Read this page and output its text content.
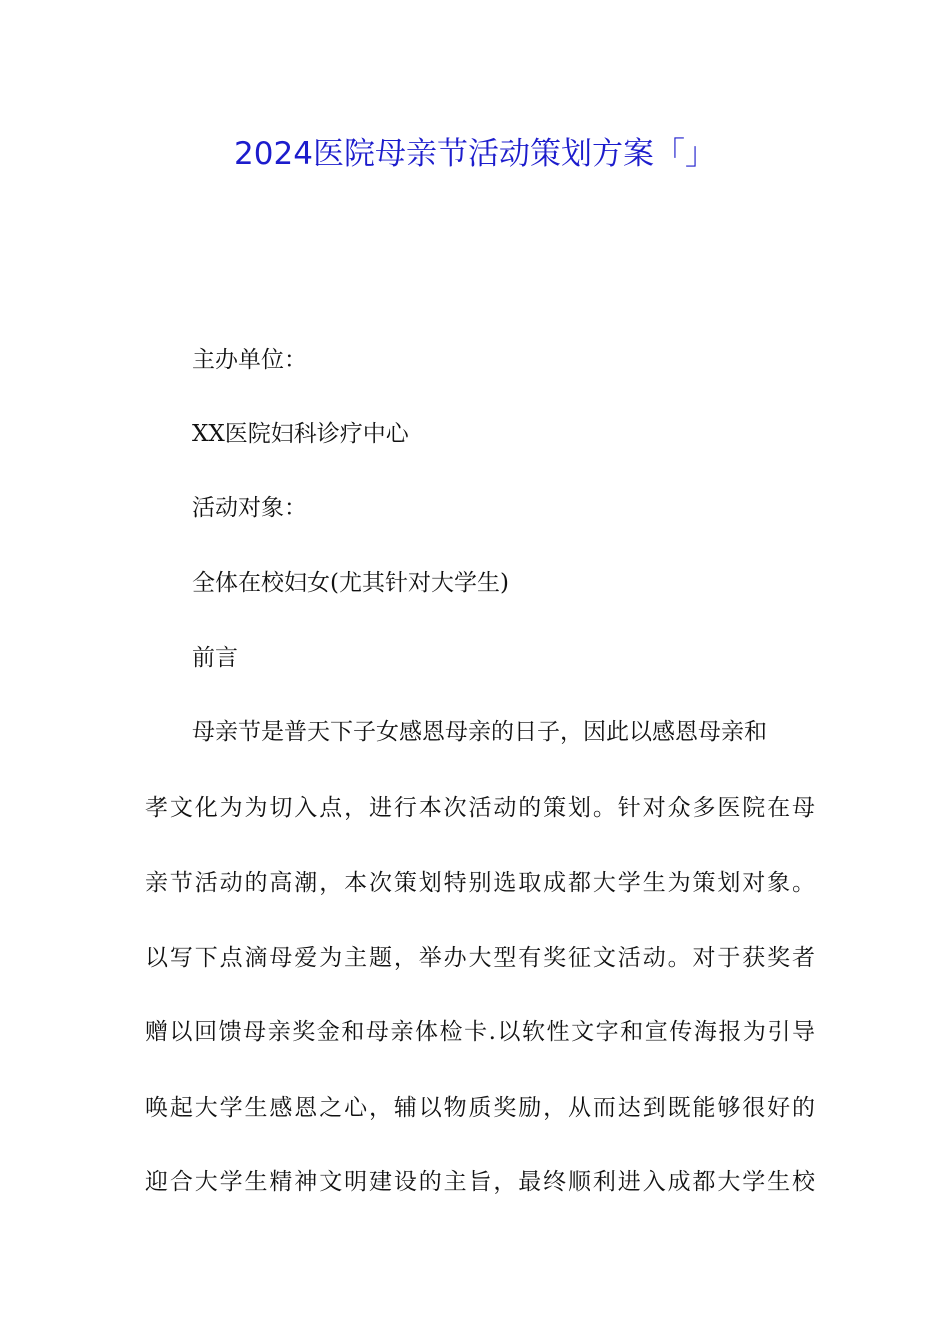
2024医院母亲节活动策划方案「」
主办单位：
XX医院妇科诊疗中心
活动对象：
全体在校妇女(尤其针对大学生)
前言
母亲节是普天下子女感恩母亲的日子，因此以感恩母亲和
孝文化为为切入点，进行本次活动的策划。针对众多医院在母
亲节活动的高潮，本次策划特别选取成都大学生为策划对象。
以写下点滴母爱为主题，举办大型有奖征文活动。对于获奖者
赠以回馈母亲奖金和母亲体检卡.以软性文字和宣传海报为引导
唤起大学生感恩之心，辅以物质奖励，从而达到既能够很好的
迎合大学生精神文明建设的主旨，最终顺利进入成都大学生校
